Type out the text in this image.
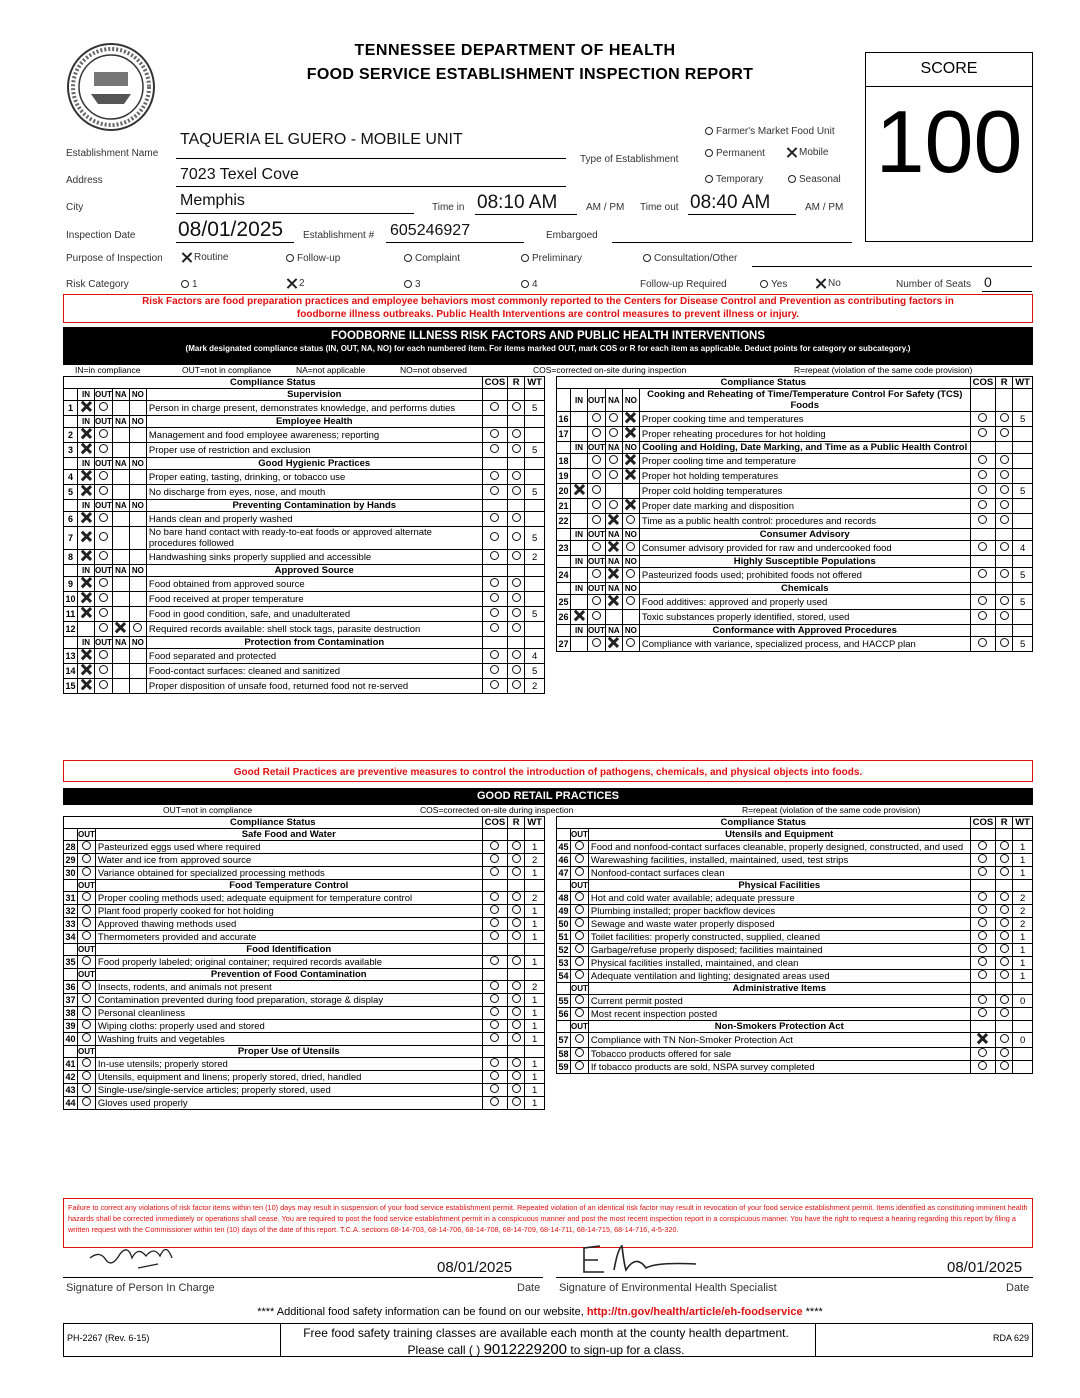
TENNESSEE DEPARTMENT OF HEALTH
FOOD SERVICE ESTABLISHMENT INSPECTION REPORT	SCORE
100
Establishment Name
TAQUERIA EL GUERO - MOBILE UNIT
Address	7023 Texel Cove
City	Memphis	Time in 08:10 AM	AM / PM Time out 08:40 AM	AM / PM
Inspection Date 08/01/2025 Establishment # 605246927	Embargoed
Type of Establishment
Farmer's Market Food Unit
Permanent	Mobile
Temporary	Seasonal
Purpose of Inspection	Routine	Follow-up	Complaint	Preliminary	Consultation/Other
Risk Category	1	2	3	4	Follow-up Required	Yes	No	Number of Seats 0
Risk Factors are food preparation practices and employee behaviors most commonly reported to the Centers for Disease Control and Prevention as contributing factors in foodborne illness outbreaks. Public Health Interventions are control measures to prevent illness or injury.
FOODBORNE ILLNESS RISK FACTORS AND PUBLIC HEALTH INTERVENTIONS
(Mark designated compliance status (IN, OUT, NA, NO) for each numbered item. For items marked OUT, mark COS or R for each item as applicable. Deduct points for category or subcategory.)
IN=in compliance	OUT=not in compliance	NA=not applicable	NO=not observed	COS=corrected on-site during inspection	R=repeat (violation of the same code provision)
Compliance Status						COS	R	WT
	IN	OUT	NA	NO	Supervision			
1					Person in charge present, demonstrates knowledge, and performs duties			5
	IN	OUT	NA	NO	Employee Health			
2					Management and food employee awareness; reporting			
3					Proper use of restriction and exclusion			5
	IN	OUT	NA	NO	Good Hygienic Practices			
4					Proper eating, tasting, drinking, or tobacco use			
5					No discharge from eyes, nose, and mouth			5
	IN	OUT	NA	NO	Preventing Contamination by Hands			
6					Hands clean and properly washed			
7					No bare hand contact with ready-to-eat foods or approved alternate procedures followed			5
8					Handwashing sinks properly supplied and accessible			2
	IN	OUT	NA	NO	Approved Source			
9					Food obtained from approved source			
10					Food received at proper temperature			
11					Food in good condition, safe, and unadulterated			5
12					Required records available: shell stock tags, parasite destruction			
	IN	OUT	NA	NO	Protection from Contamination			
13					Food separated and protected			4
14					Food-contact surfaces: cleaned and sanitized			5
15					Proper disposition of unsafe food, returned food not re-served			2
Compliance Status						COS	R	WT
	IN	OUT	NA	NO	Cooking and Reheating of Time/Temperature Control For Safety (TCS) Foods			
16					Proper cooking time and temperatures			5
17					Proper reheating procedures for hot holding			
	IN	OUT	NA	NO	Cooling and Holding, Date Marking, and Time as a Public Health Control			
18					Proper cooling time and temperature			
19					Proper hot holding temperatures			
20					Proper cold holding temperatures			5
21					Proper date marking and disposition			
22					Time as a public health control: procedures and records			
	IN	OUT	NA	NO	Consumer Advisory			
23					Consumer advisory provided for raw and undercooked food			4
	IN	OUT	NA	NO	Highly Susceptible Populations			
24					Pasteurized foods used; prohibited foods not offered			5
	IN	OUT	NA	NO	Chemicals			
25					Food additives: approved and properly used			5
26					Toxic substances properly identified, stored, used			
	IN	OUT	NA	NO	Conformance with Approved Procedures			
27					Compliance with variance, specialized process, and HACCP plan			5
Good Retail Practices are preventive measures to control the introduction of pathogens, chemicals, and physical objects into foods.
GOOD RETAIL PRACTICES
OUT=not in compliance	COS=corrected on-site during inspection	R=repeat (violation of the same code provision)
Compliance Status			COS	R	WT
	OUT	Safe Food and Water			
28		Pasteurized eggs used where required			1
29		Water and ice from approved source			2
30		Variance obtained for specialized processing methods			1
	OUT	Food Temperature Control			
31		Proper cooling methods used; adequate equipment for temperature control			2
32		Plant food properly cooked for hot holding			1
33		Approved thawing methods used			1
34		Thermometers provided and accurate			1
	OUT	Food Identification			
35		Food properly labeled; original container; required records available			1
	OUT	Prevention of Food Contamination			
36		Insects, rodents, and animals not present			2
37		Contamination prevented during food preparation, storage & display			1
38		Personal cleanliness			1
39		Wiping cloths: properly used and stored			1
40		Washing fruits and vegetables			1
	OUT	Proper Use of Utensils			
41		In-use utensils; properly stored			1
42		Utensils, equipment and linens; properly stored, dried, handled			1
43		Single-use/single-service articles; properly stored, used			1
44		Gloves used properly			1
Compliance Status			COS	R	WT
	OUT	Utensils and Equipment			
45		Food and nonfood-contact surfaces cleanable, properly designed, constructed, and used			1
46		Warewashing facilities, installed, maintained, used, test strips			1
47		Nonfood-contact surfaces clean			1
	OUT	Physical Facilities			
48		Hot and cold water available; adequate pressure			2
49		Plumbing installed; proper backflow devices			2
50		Sewage and waste water properly disposed			2
51		Toilet facilities: properly constructed, supplied, cleaned			1
52		Garbage/refuse properly disposed; facilities maintained			1
53		Physical facilities installed, maintained, and clean			1
54		Adequate ventilation and lighting; designated areas used			1
	OUT	Administrative Items			
55		Current permit posted			0
56		Most recent inspection posted			
	OUT	Non-Smokers Protection Act			
57		Compliance with TN Non-Smoker Protection Act			0
58		Tobacco products offered for sale			
59		If tobacco products are sold, NSPA survey completed			
Failure to correct any violations of risk factor items within ten (10) days may result in suspension of your food service establishment permit. Repeated violation of an identical risk factor may result in revocation of your food service establishment permit. Items identified as constituting imminent health hazards shall be corrected immediately or operations shall cease. You are required to post the food service establishment permit in a conspicuous manner and post the most recent inspection report in a conspicuous manner. You have the right to request a hearing regarding this report by filing a written request with the Commissioner within ten (10) days of the date of this report. T.C.A. sections 68-14-703, 68-14-706, 68-14-708, 68-14-709, 68-14-711, 68-14-715, 68-14-716, 4-5-320.
08/01/2025
Signature of Person In Charge	Date
08/01/2025
Signature of Environmental Health Specialist	Date
**** Additional food safety information can be found on our website, http://tn.gov/health/article/eh-foodservice ****
PH-2267 (Rev. 6-15)	Free food safety training classes are available each month at the county health department.
Please call ( ) 9012229200 to sign-up for a class.
RDA 629
